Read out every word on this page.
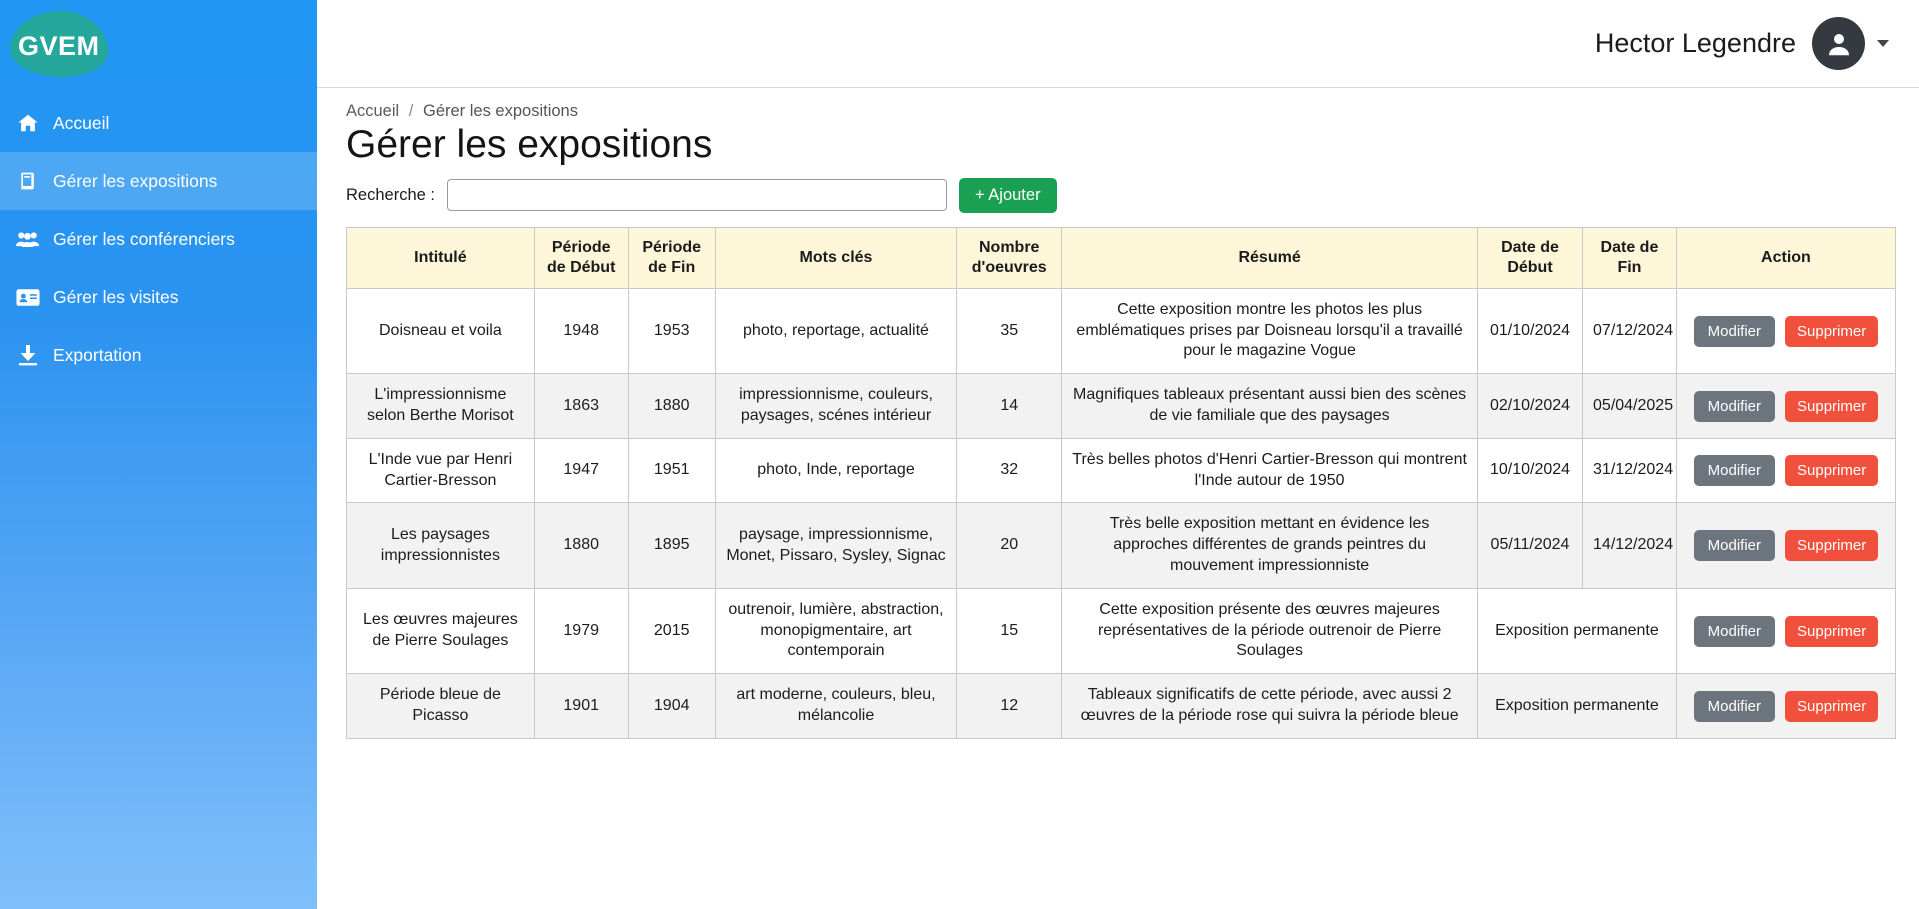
GVEM
Accueil
Gérer les expositions
Gérer les conférenciers
Gérer les visites
Exportation
Hector Legendre
Accueil / Gérer les expositions
Gérer les expositions
Recherche :	+ Ajouter
Intitulé	Période de Début	Période de Fin	Mots clés	Nombre d'oeuvres	Résumé	Date de Début	Date de Fin	Action
Doisneau et voila	1948	1953	photo, reportage, actualité	35	Cette exposition montre les photos les plus emblématiques prises par Doisneau lorsqu'il a travaillé pour le magazine Vogue	01/10/2024	07/12/2024	Modifier Supprimer

L'impressionnisme selon Berthe Morisot	1863	1880	impressionnisme, couleurs, paysages, scénes intérieur	14	Magnifiques tableaux présentant aussi bien des scènes de vie familiale que des paysages	02/10/2024	05/04/2025	Modifier Supprimer

L'Inde vue par Henri Cartier-Bresson	1947	1951	photo, Inde, reportage	32	Très belles photos d'Henri Cartier-Bresson qui montrent l'Inde autour de 1950	10/10/2024	31/12/2024	Modifier Supprimer

Les paysages impressionnistes	1880	1895	paysage, impressionnisme, Monet, Pissaro, Sysley, Signac	20	Très belle exposition mettant en évidence les approches différentes de grands peintres du mouvement impressionniste	05/11/2024	14/12/2024	Modifier Supprimer

Les œuvres majeures de Pierre Soulages	1979	2015	outrenoir, lumière, abstraction, monopigmentaire, art contemporain	15	Cette exposition présente des œuvres majeures représentatives de la période outrenoir de Pierre Soulages	Exposition permanente		Modifier Supprimer

Période bleue de Picasso	1901	1904	art moderne, couleurs, bleu, mélancolie	12	Tableaux significatifs de cette période, avec aussi 2 œuvres de la période rose qui suivra la période bleue	Exposition permanente		Modifier Supprimer
